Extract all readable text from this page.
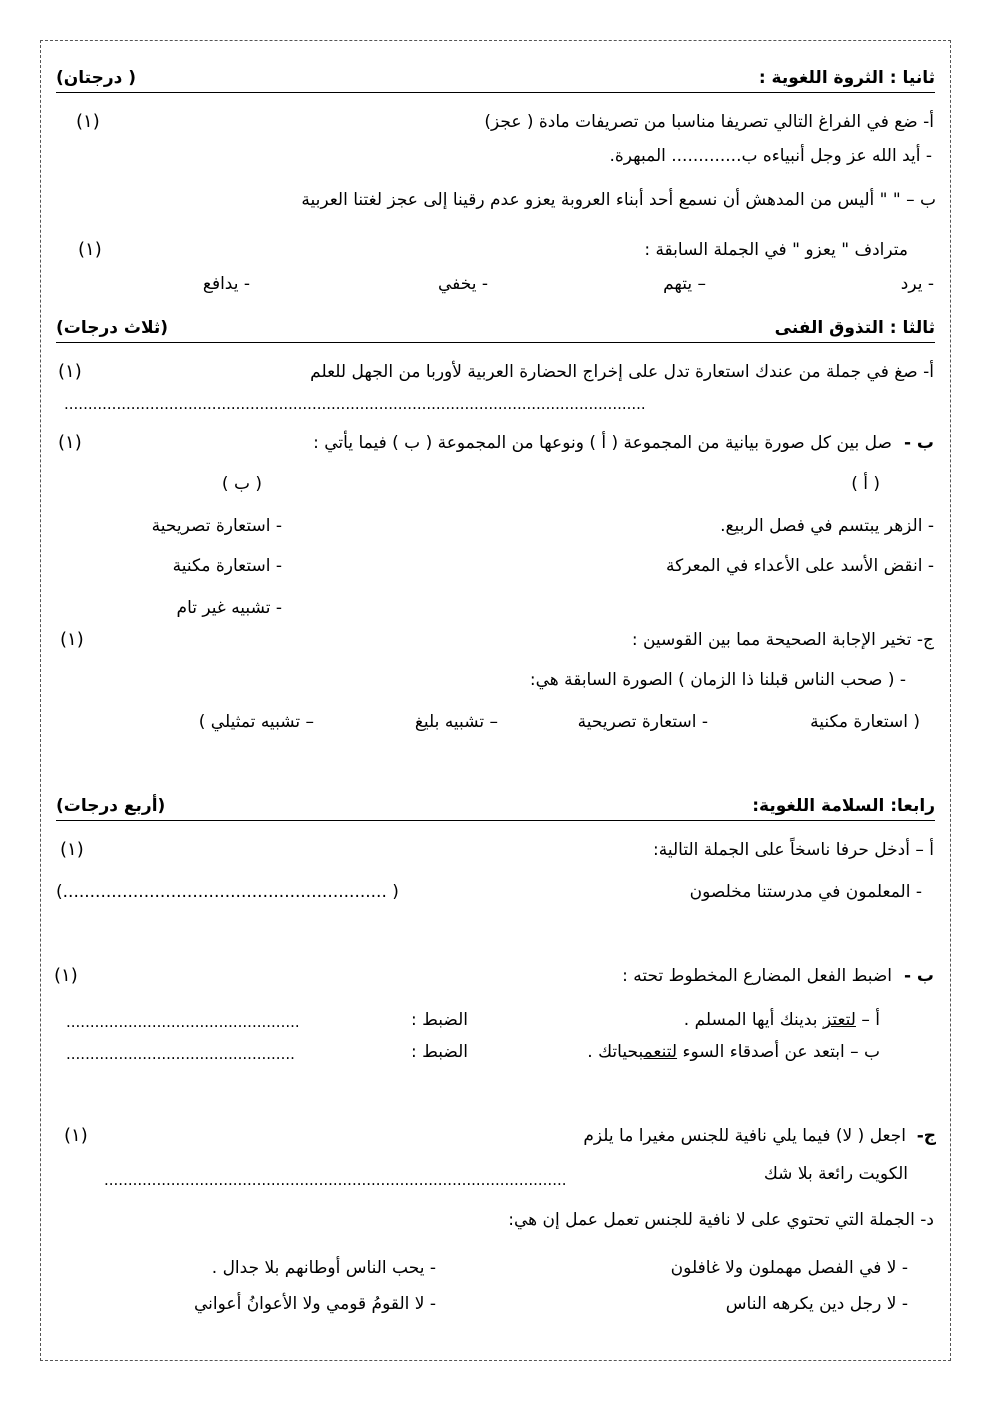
ثانيا : الثروة اللغوية :
( درجتان)
أ- ضع في الفراغ التالي تصريفا مناسبا من تصريفات مادة ( عجز)
(١)
- أيد الله عز وجل أنبياءه ب............. المبهرة.
ب – " " أليس من المدهش أن نسمع أحد أبناء العروبة يعزو عدم رقينا إلى عجز لغتنا العربية
مترادف " يعزو " في الجملة السابقة :
(١)
- يرد
– يتهم
- يخفي
- يدافع
ثالثا : التذوق الفنى
(ثلاث درجات)
أ- صغ في جملة من عندك استعارة تدل على إخراج الحضارة العربية لأوربا من الجهل للعلم
(١)
..........................................................................................................................
ب -
صل بين كل صورة بيانية من المجموعة ( أ ) ونوعها من المجموعة ( ب ) فيما يأتي :
(١)
( أ )
( ب )
- الزهر يبتسم في فصل الربيع.
- انقض الأسد على الأعداء في المعركة
- استعارة تصريحية
- استعارة مكنية
- تشبيه غير تام
ج- تخير الإجابة الصحيحة مما بين القوسين :
(١)
- ( صحب الناس قبلنا ذا الزمان ) الصورة السابقة هي:
( استعارة مكنية
- استعارة تصريحية
– تشبيه بليغ
– تشبيه تمثيلي )
رابعا: السلامة اللغوية:
(أربع درجات)
أ – أدخل حرفا ناسخاً على الجملة التالية:
(١)
- المعلمون في مدرستنا مخلصون
(............................................................ )
ب -
اضبط الفعل المضارع المخطوط تحته :
(١)
أ – لتعتز بدينك أيها المسلم .
الضبط :
.................................................
ب – ابتعد عن أصدقاء السوء لتنعمبحياتك .
الضبط :
................................................
ج-
اجعل ( لا) فيما يلي نافية للجنس مغيرا ما يلزم
(١)
الكويت رائعة بلا شك
.................................................................................................
د- الجملة التي تحتوي على لا نافية للجنس تعمل عمل إن هي:
- لا في الفصل مهملون ولا غافلون
- يحب الناس أوطانهم بلا جدال .
- لا رجل دين يكرهه الناس
- لا القومُ قومي ولا الأعوانُ أعواني
